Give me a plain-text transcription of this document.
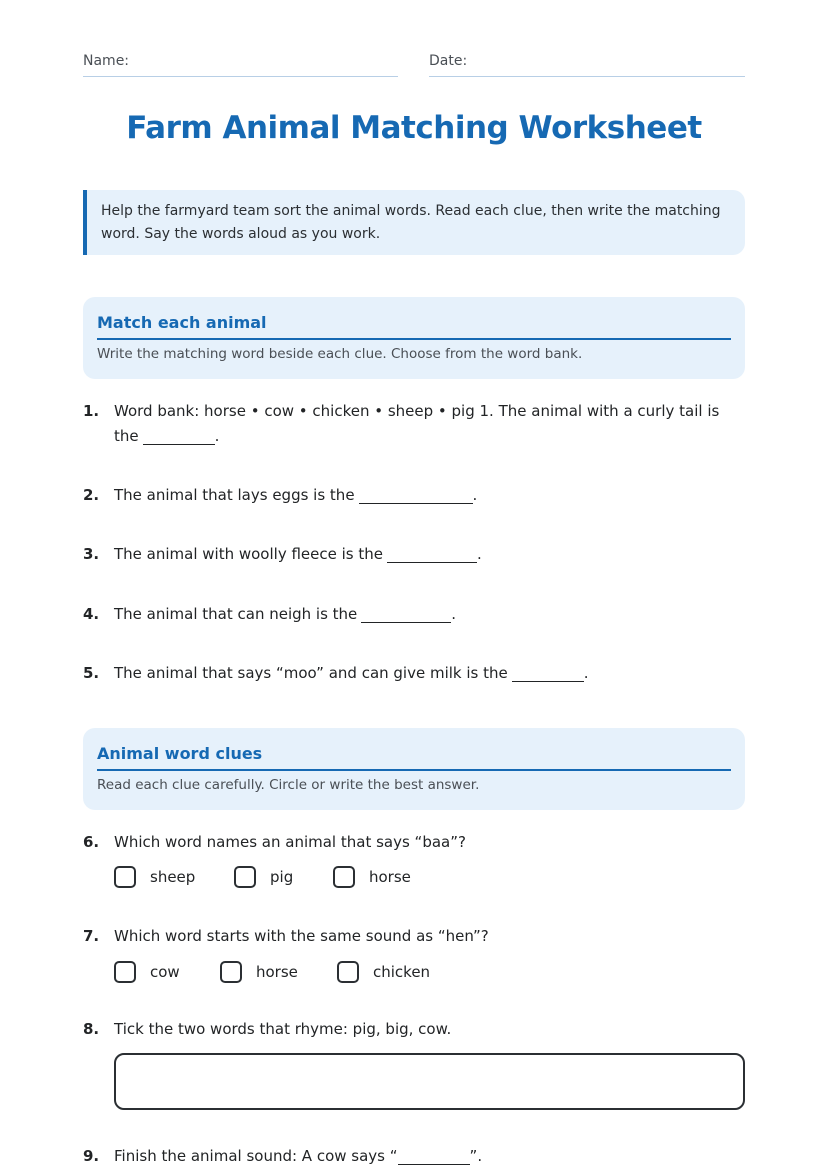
Name:	Date:
Farm Animal Matching Worksheet
Help the farmyard team sort the animal words. Read each clue, then write the matching word. Say the words aloud as you work.
Match each animal
Write the matching word beside each clue. Choose from the word bank.
1. Word bank: horse • cow • chicken • sheep • pig 1. The animal with a curly tail is the	.
2. The animal that lays eggs is the	.
3. The animal with woolly fleece is the	.
4. The animal that can neigh is the	.
5. The animal that says “moo” and can give milk is the	.
Animal word clues
Read each clue carefully. Circle or write the best answer.
6. Which word names an animal that says “baa”?
sheep	pig	horse
7. Which word starts with the same sound as “hen”?
cow	horse	chicken
8. Tick the two words that rhyme: pig, big, cow.
9. Finish the animal sound: A cow says “	”.
